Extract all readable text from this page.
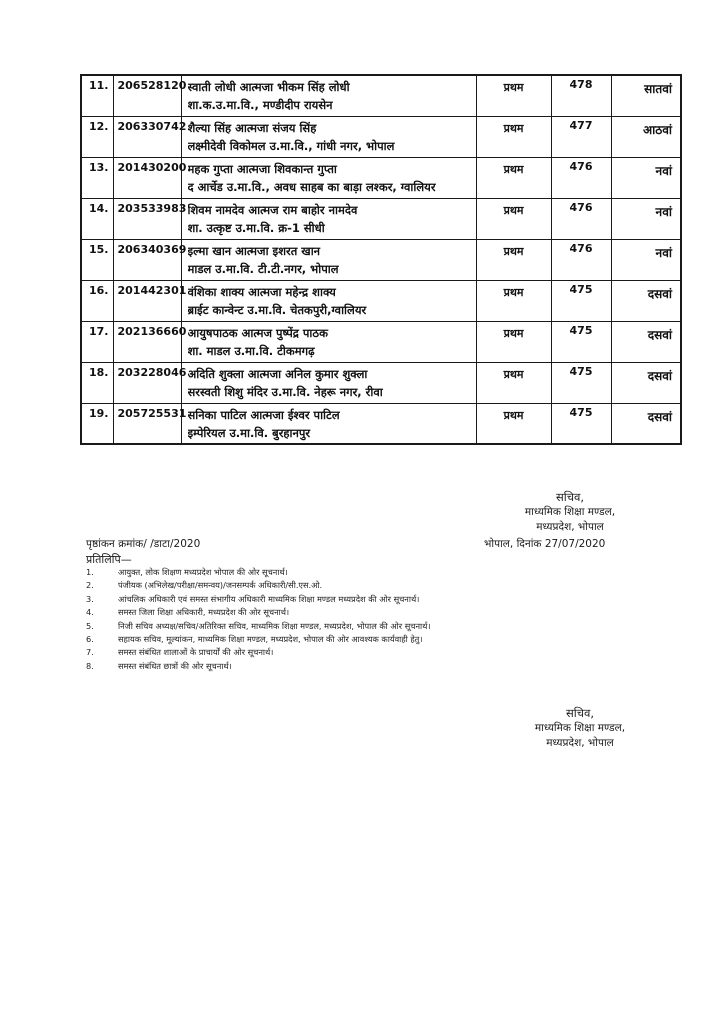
11.	206528120	स्वाती लोधी आत्मजा भीकम सिंह लोधी
शा.क.उ.मा.वि., मण्डीदीप रायसेन	प्रथम	478	सातवां
12.	206330742	शैल्या सिंह आत्मजा संजय सिंह
लक्ष्मीदेवी विकोमल उ.मा.वि., गांधी नगर, भोपाल	प्रथम	477	आठवां
13.	201430200	महक गुप्ता आत्मजा शिवकान्त गुप्ता
द आर्चेड उ.मा.वि., अवध साहब का बाड़ा लश्कर, ग्वालियर	प्रथम	476	नवां
14.	203533983	शिवम नामदेव आत्मज राम बाहोर नामदेव
शा. उत्कृष्ट उ.मा.वि. क्र-1 सीधी	प्रथम	476	नवां
15.	206340369	इल्मा खान आत्मजा इशरत खान
माडल उ.मा.वि. टी.टी.नगर, भोपाल	प्रथम	476	नवां
16.	201442301	वंशिका शाक्य आत्मजा महेन्द्र शाक्य
ब्राईट कान्वेन्ट उ.मा.वि. चेतकपुरी,ग्वालियर	प्रथम	475	दसवां
17.	202136660	आयुषपाठक आत्मज पुष्पेंद्र पाठक
शा. माडल उ.मा.वि. टीकमगढ़	प्रथम	475	दसवां
18.	203228046	अदिति शुक्ला आत्मजा अनिल कुमार शुक्ला
सरस्वती शिशु मंदिर उ.मा.वि. नेहरू नगर, रीवा	प्रथम	475	दसवां
19.	205725531	सनिका पाटिल आत्मजा ईश्वर पाटिल
इम्पेरियल उ.मा.वि. बुरहानपुर	प्रथम	475	दसवां
सचिव,
माध्यमिक शिक्षा मण्डल,
मध्यप्रदेश, भोपाल
पृष्ठांकन क्रमांक/ /डाटा/2020	भोपाल, दिनांक 27/07/2020
प्रतिलिपि—
1.	आयुक्त, लोक शिक्षण मध्यप्रदेश भोपाल की ओर सूचनार्थ।
2.	पंजीयक (अभिलेख/परीक्षा/समन्वय)/जनसम्पर्क अधिकारी/सी.एस.ओ.
3.	आंचलिक अधिकारी एवं समस्त संभागीय अधिकारी माध्यमिक शिक्षा मण्डल मध्यप्रदेश की ओर सूचनार्थ।
4.	समस्त जिला शिक्षा अधिकारी, मध्यप्रदेश की ओर सूचनार्थ।
5.	निजी सचिव अध्यक्ष/सचिव/अतिरिक्त सचिव, माध्यमिक शिक्षा मण्डल, मध्यप्रदेश, भोपाल की ओर सूचनार्थ।
6.	सहायक सचिव, मूल्यांकन, माध्यमिक शिक्षा मण्डल, मध्यप्रदेश, भोपाल की ओर आवश्यक कार्यवाही हेतु।
7.	समस्त संबंधित शालाओं के प्राचार्यों की ओर सूचनार्थ।
8.	समस्त संबंधित छात्रों की ओर सूचनार्थ।
सचिव,
माध्यमिक शिक्षा मण्डल,
मध्यप्रदेश, भोपाल
